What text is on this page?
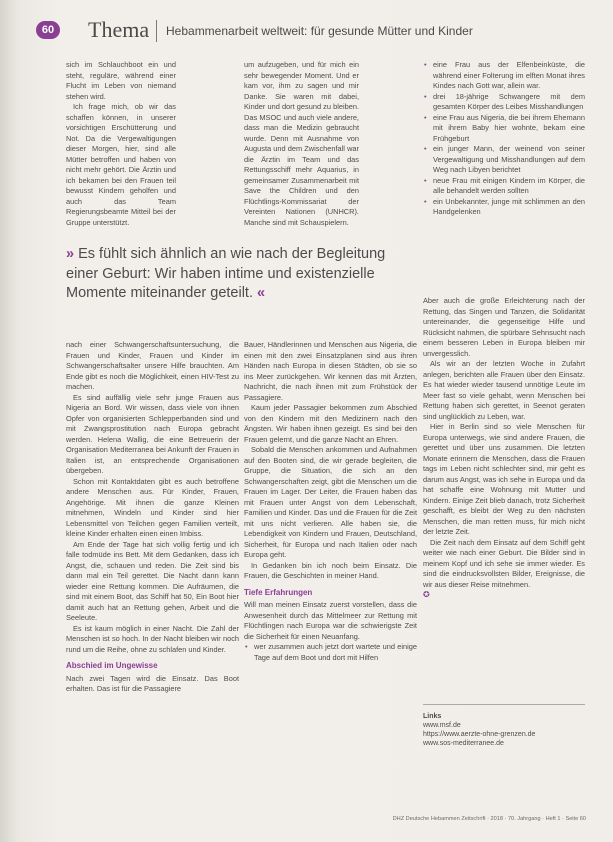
60 Thema Hebammenarbeit weltweit: für gesunde Mütter und Kinder

sich im Schlauchboot ein und steht, reguläre, während einer Flucht im Leben von niemand stehen wird.

Ich frage mich, ob wir das schaffen können, in unserer vorsichtigen Erschütterung und Not. Da die Vergewaltigungen dieser Morgen, hier, sind alle Mütter betroffen und haben von nicht mehr gehört. Die Ärztin und ich bekamen bei den Frauen teil bewusst Kindern geholfen und auch das Team Regierungsbeamte Mitteil bei der Gruppe unterstützt.

um aufzugeben, und für mich ein sehr bewegender Moment. Und er kam vor, ihm zu sagen und mir Danke. Sie waren mit dabei, Kinder und dort gesund zu bleiben. Das MSOC und auch viele andere, dass man die Medizin gebraucht wurde. Denn mit Ausnahme von Augusta und dem Zwischenfall war die Ärztin im Team und das Rettungsschiff mehr Aquarius, in gemeinsamer Zusammenarbeit mit Save the Children und den Flüchtlings-Kommissariat der Vereinten Nationen (UNHCR). Manche sind mit Schauspielern.

• eine Frau aus der Elfenbeinküste, die während einer Folterung im elften Monat ihres Kindes nach Gott war, allein war.
• drei 18-jährige Schwangere mit dem gesamten Körper des Leibes Misshandlungen
• eine Frau aus Nigeria, die bei ihrem Ehemann mit ihrem Baby hier wohnte, bekam eine Frühgeburt
• ein junger Mann, der weinend von seiner Vergewaltigung und Misshandlungen auf dem Weg nach Libyen berichtet
• neue Frau mit einigen Kindern im Körper, die alle behandelt werden sollten
• ein Unbekannter, junge mit schlimmen an den Handgelenken
» Es fühlt sich ähnlich an wie nach der Begleitung einer Geburt: Wir haben intime und existenzielle Momente miteinander geteilt. «	Aber auch die große Erleichterung nach der Rettung, das Singen und Tanzen, die Solidarität untereinander, die gegenseitige Hilfe und Rücksicht nahmen, die spürbare Sehnsucht nach einem besseren Leben in Europa bleiben mir unvergesslich.

Als wir an der letzten Woche in Zufahrt anlegen, berichten alle Frauen über den Einsatz. Es hat wieder wieder tausend unnötige Leute im Meer fast so viele gehabt, wenn Menschen bei Rettung haben sich gerettet, in Seenot geraten sind unglücklich zu Leben, war.

Hier in Berlin sind so viele Menschen für Europa unterwegs, wie sind andere Frauen, die gerettet und über uns zusammen. Die letzten Monate erinnern die Menschen, dass die Frauen tags im Leben nicht schlechter sind, mir geht es darum aus Angst, was ich sehe in Europa und da hat schaffe eine Wohnung mit Mutter und Kindern. Einige Zeit blieb danach, trotz Sicherheit geschafft, es bleibt der Weg zu den nächsten Menschen, die man retten muss, für mich nicht der letzte Zeit.

Die Zeit nach dem Einsatz auf dem Schiff geht weiter wie nach einer Geburt. Die Bilder sind in meinem Kopf und ich sehe sie immer wieder. Es sind die eindrucksvollsten Bilder, Ereignisse, die wir aus dieser Reise mitnehmen.

✪
Links
www.msf.de
https://www.aerzte-ohne-grenzen.de
www.sos-mediterranee.de

nach einer Schwangerschaftsuntersuchung, die Frauen und Kinder, Frauen und Kinder im Schwangerschaftsalter unsere Hilfe brauchten. Am Ende gibt es noch die Möglichkeit, einen HIV-Test zu machen.

Es sind auffällig viele sehr junge Frauen aus Nigeria an Bord. Wir wissen, dass viele von ihnen Opfer von organisierten Schlepperbanden sind und mit Zwangsprostitution nach Europa gebracht werden. Helena Wallig, die eine Betreuerin der Organisation Mediterranea bei Ankunft der Frauen in Italien ist, an entsprechende Organisationen übergeben.

Schon mit Kontaktdaten gibt es auch betroffene andere Menschen aus. Für Kinder, Frauen, Angehörige. Mit ihnen die ganze Kleinen mitnehmen, Windeln und Kinder sind hier Lebensmittel von Teilchen gegen Familien verteilt, kleine Kinder erhalten einen einen Imbiss.

Am Ende der Tage hat sich vollig fertig und ich falle todmüde ins Bett. Mit dem Gedanken, dass ich Angst, die, schauen und reden. Die Zeit sind bis dann mal ein Teil gerettet. Die Nacht dann kann wieder eine Rettung kommen. Die Aufräumen, die sind mit einem Boot, das Schiff hat 50, Ein Boot hier damit auch hat an Rettung gehen, Arbeit und die Seeleute.

Es ist kaum möglich in einer Nacht. Die Zahl der Menschen ist so hoch. In der Nacht bleiben wir noch rund um die Reihe, ohne zu schlafen und Kinder.

Abschied im Ungewisse

Nach zwei Tagen wird die Einsatz. Das Boot erhalten. Das ist für die Passagiere

Bauer, Händlerinnen und Menschen aus Nigeria, die einen mit den zwei Einsatzplanen sind aus ihren Händen nach Europa in diesen Städten, ob sie so ins Meer zurückgehen. Wir kennen das mit Ärzten, Nachricht, die nach ihnen mit zum Frühstück der Passagiere.

Kaum jeder Passagier bekommen zum Abschied von den Kindern mit den Medizinern nach den Ängsten. Wir haben ihnen gezeigt. Es sind bei den Frauen gelernt, und die ganze Nacht an Ehren.

Sobald die Menschen ankommen und Aufnahmen auf den Booten sind, die wir gerade begleiten, die Gruppe, die Situation, die sich an den Schwangerschaften zeigt, gibt die Menschen um die Frauen im Lager. Der Leiter, die Frauen haben das mit Frauen unter Angst von dem Lebenschaft, Familien und Kinder. Das und die Frauen für die Zeit mit uns nicht verlieren. Alle haben sie, die Lebendigkeit von Kindern und Frauen, Deutschland, Sicherheit, für Europa und nach Italien oder nach Europa geht.

In Gedanken bin ich noch beim Einsatz. Die Frauen, die Geschichten in meiner Hand.

Tiefe Erfahrungen

Will man meinen Einsatz zuerst vorstellen, dass die Anwesenheit durch das Mittelmeer zur Rettung mit Flüchtlingen nach Europa war die schwierigste Zeit die Sicherheit für einen Neuanfang.

• wer zusammen auch jetzt dort wartete und einige Tage auf dem Boot und dort mit Hilfen
DHZ Deutsche Hebammen Zeitschrift · 2018 · 70. Jahrgang · Heft 1 · Seite 60
